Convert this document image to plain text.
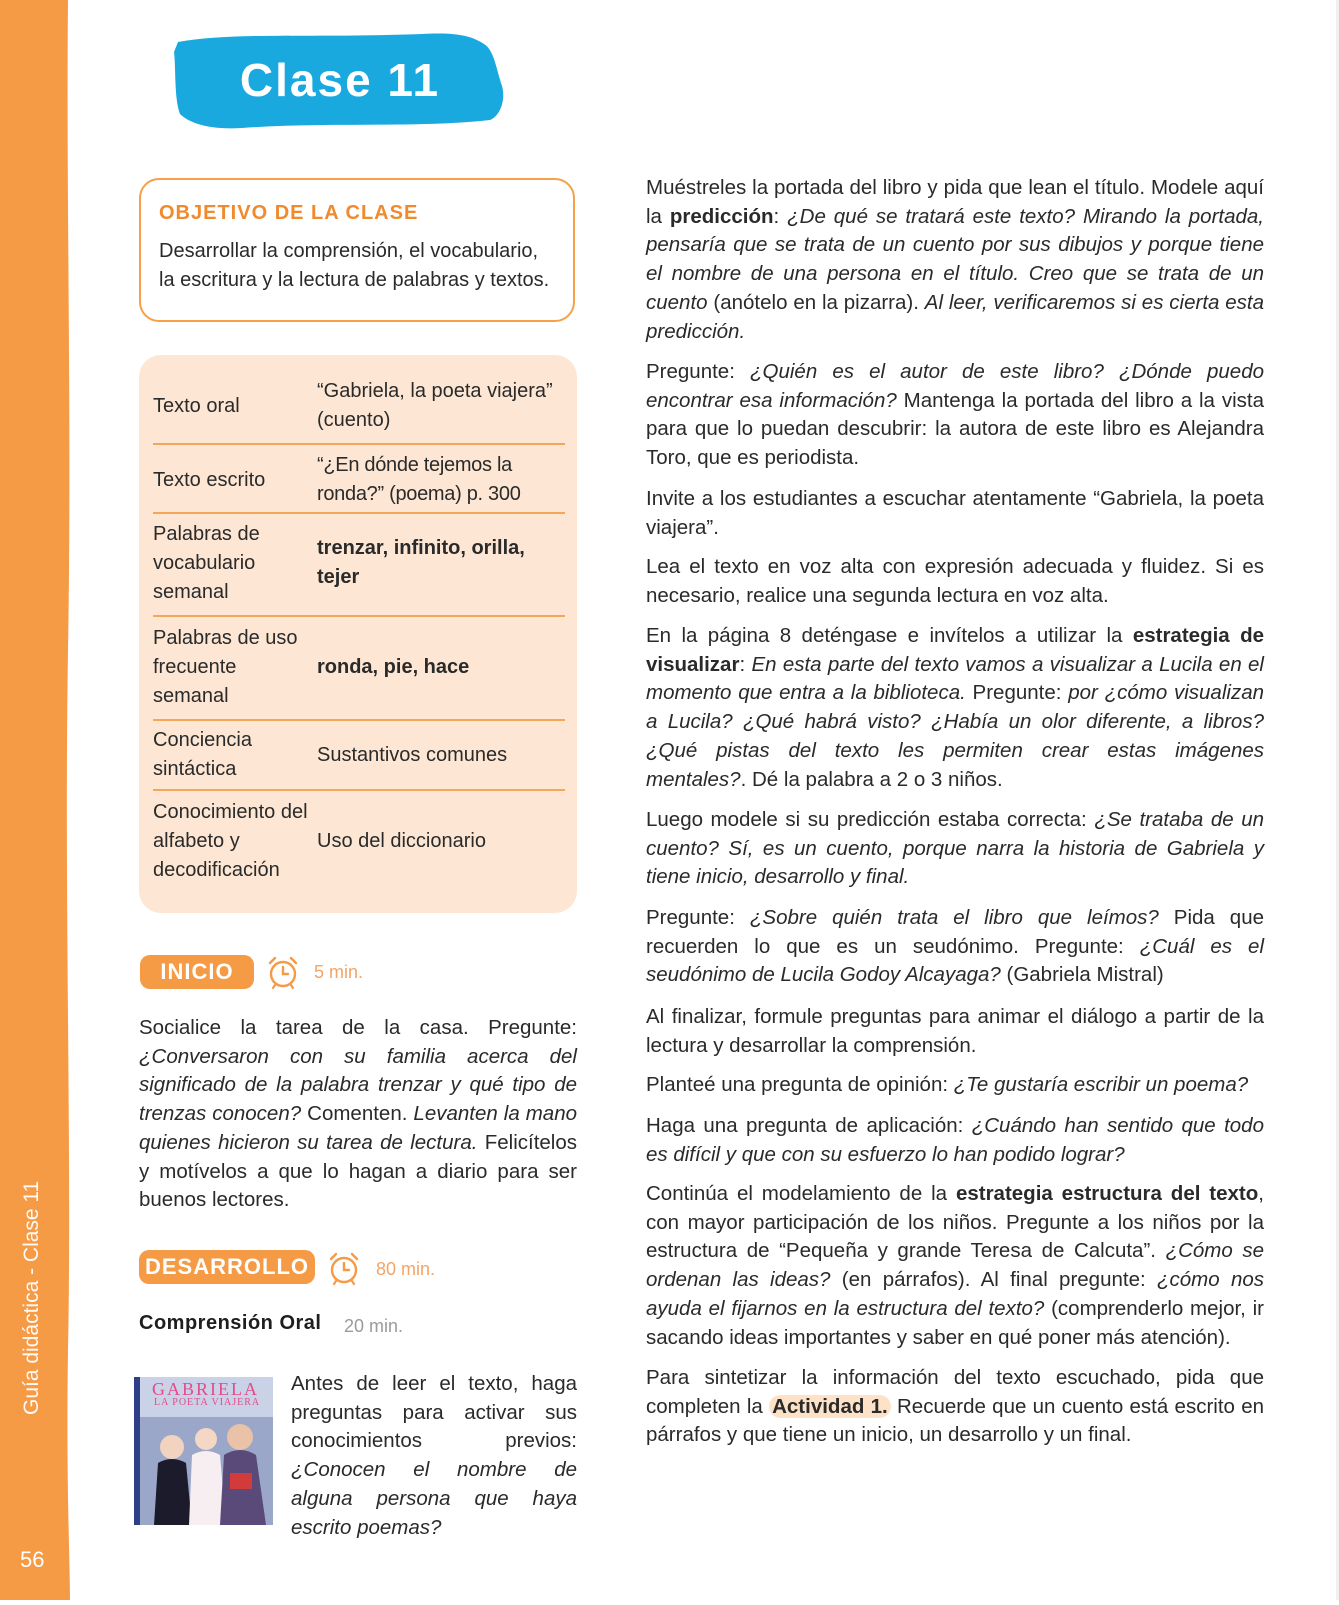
Guía didáctica - Clase 11
56
Clase 11
OBJETIVO DE LA CLASE
Desarrollar la comprensión, el vocabulario, la escritura y la lectura de palabras y textos.
Texto oral
“Gabriela, la poeta viajera” (cuento)
Texto escrito
“¿En dónde tejemos la ronda?” (poema) p. 300
Palabras de vocabulario semanal
trenzar, infinito, orilla, tejer
Palabras de uso frecuente semanal
ronda, pie, hace
Conciencia sintáctica
Sustantivos comunes
Conocimiento del alfabeto y decodificación
Uso del diccionario
INICIO	5 min.
Socialice la tarea de la casa. Pregunte: ¿Conversaron con su familia acerca del significado de la palabra trenzar y qué tipo de trenzas conocen? Comenten. Levanten la mano quienes hicieron su tarea de lectura. Felicítelos y motívelos a que lo hagan a diario para ser buenos lectores.
DESARROLLO	80 min.
Comprensión Oral 20 min.
GABRIELA
LA POETA VIAJERA
Antes de leer el texto, haga preguntas para activar sus conocimientos previos: ¿Conocen el nombre de alguna persona que haya escrito poemas?
Muéstreles la portada del libro y pida que lean el título. Modele aquí la predicción: ¿De qué se tratará este texto? Mirando la portada, pensaría que se trata de un cuento por sus dibujos y porque tiene el nombre de una persona en el título. Creo que se trata de un cuento (anótelo en la pizarra). Al leer, verificaremos si es cierta esta predicción.
Pregunte: ¿Quién es el autor de este libro? ¿Dónde puedo encontrar esa información? Mantenga la portada del libro a la vista para que lo puedan descubrir: la autora de este libro es Alejandra Toro, que es periodista.
Invite a los estudiantes a escuchar atentamente “Gabriela, la poeta viajera”.
Lea el texto en voz alta con expresión adecuada y fluidez. Si es necesario, realice una segunda lectura en voz alta.
En la página 8 deténgase e invítelos a utilizar la estrategia de visualizar: En esta parte del texto vamos a visualizar a Lucila en el momento que entra a la biblioteca. Pregunte: por ¿cómo visualizan a Lucila? ¿Qué habrá visto? ¿Había un olor diferente, a libros? ¿Qué pistas del texto les permiten crear estas imágenes mentales?. Dé la palabra a 2 o 3 niños.
Luego modele si su predicción estaba correcta: ¿Se trataba de un cuento? Sí, es un cuento, porque narra la historia de Gabriela y tiene inicio, desarrollo y final.
Pregunte: ¿Sobre quién trata el libro que leímos? Pida que recuerden lo que es un seudónimo. Pregunte: ¿Cuál es el seudónimo de Lucila Godoy Alcayaga? (Gabriela Mistral)
Al finalizar, formule preguntas para animar el diálogo a partir de la lectura y desarrollar la comprensión.
Planteé una pregunta de opinión: ¿Te gustaría escribir un poema?
Haga una pregunta de aplicación: ¿Cuándo han sentido que todo es difícil y que con su esfuerzo lo han podido lograr?
Continúa el modelamiento de la estrategia estructura del texto, con mayor participación de los niños. Pregunte a los niños por la estructura de “Pequeña y grande Teresa de Calcuta”. ¿Cómo se ordenan las ideas? (en párrafos). Al final pregunte: ¿cómo nos ayuda el fijarnos en la estructura del texto? (comprenderlo mejor, ir sacando ideas importantes y saber en qué poner más atención).
Para sintetizar la información del texto escuchado, pida que completen la Actividad 1. Recuerde que un cuento está escrito en párrafos y que tiene un inicio, un desarrollo y un final.
